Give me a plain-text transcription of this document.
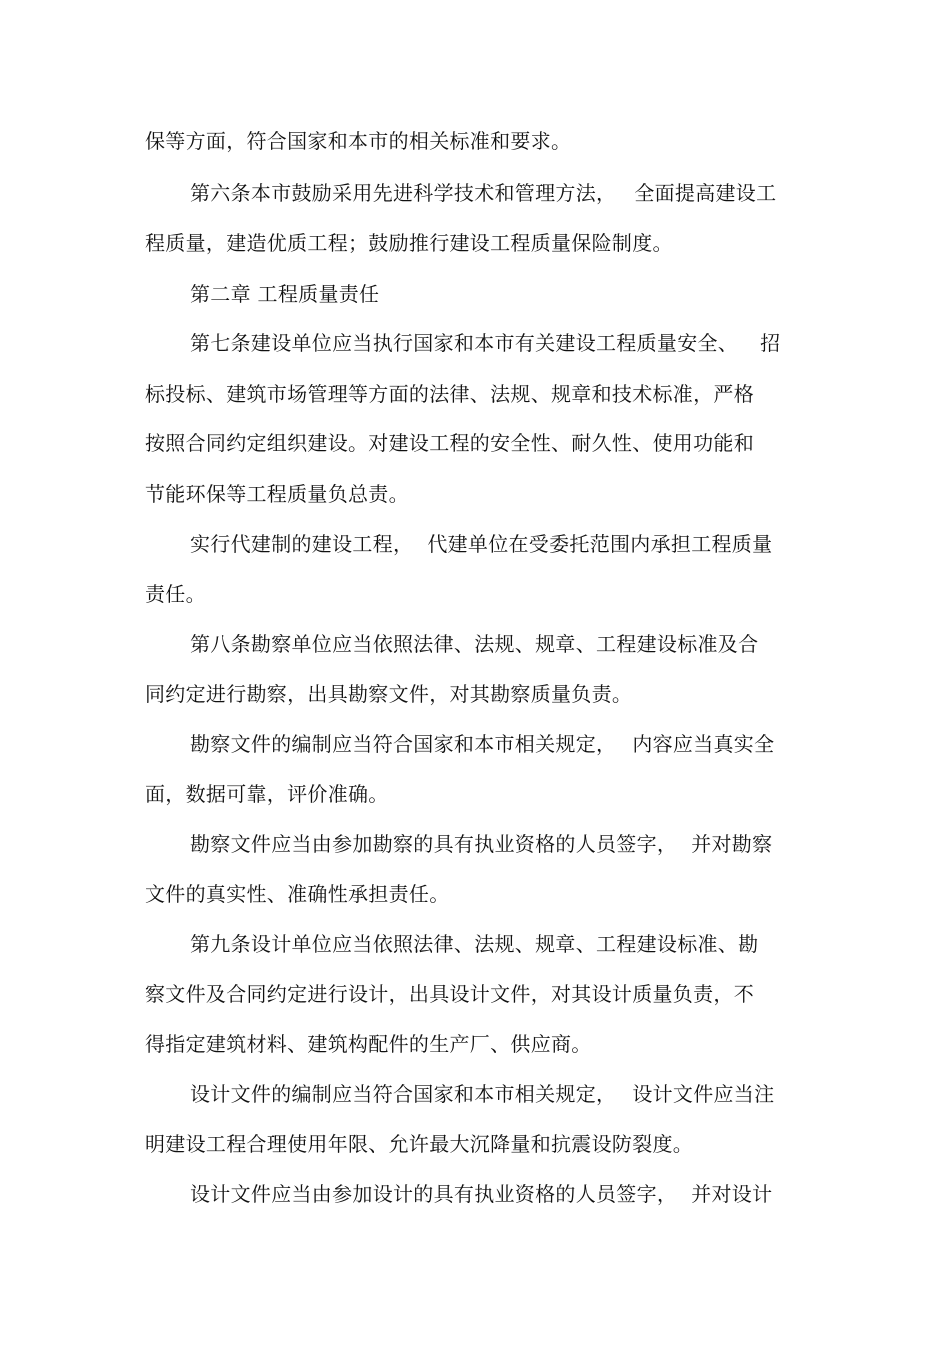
保等方面，符合国家和本市的相关标准和要求。
第六条本市鼓励采用先进科学技术和管理方法， 全面提高建设工
程质量，建造优质工程；鼓励推行建设工程质量保险制度。
第二章 工程质量责任
第七条建设单位应当执行国家和本市有关建设工程质量安全、 招
标投标、建筑市场管理等方面的法律、法规、规章和技术标准，严格
按照合同约定组织建设。对建设工程的安全性、耐久性、使用功能和
节能环保等工程质量负总责。
实行代建制的建设工程， 代建单位在受委托范围内承担工程质量
责任。
第八条勘察单位应当依照法律、法规、规章、工程建设标准及合
同约定进行勘察，出具勘察文件，对其勘察质量负责。
勘察文件的编制应当符合国家和本市相关规定， 内容应当真实全
面，数据可靠，评价准确。
勘察文件应当由参加勘察的具有执业资格的人员签字， 并对勘察
文件的真实性、准确性承担责任。
第九条设计单位应当依照法律、法规、规章、工程建设标准、勘
察文件及合同约定进行设计，出具设计文件，对其设计质量负责，不
得指定建筑材料、建筑构配件的生产厂、供应商。
设计文件的编制应当符合国家和本市相关规定， 设计文件应当注
明建设工程合理使用年限、允许最大沉降量和抗震设防裂度。
设计文件应当由参加设计的具有执业资格的人员签字， 并对设计
